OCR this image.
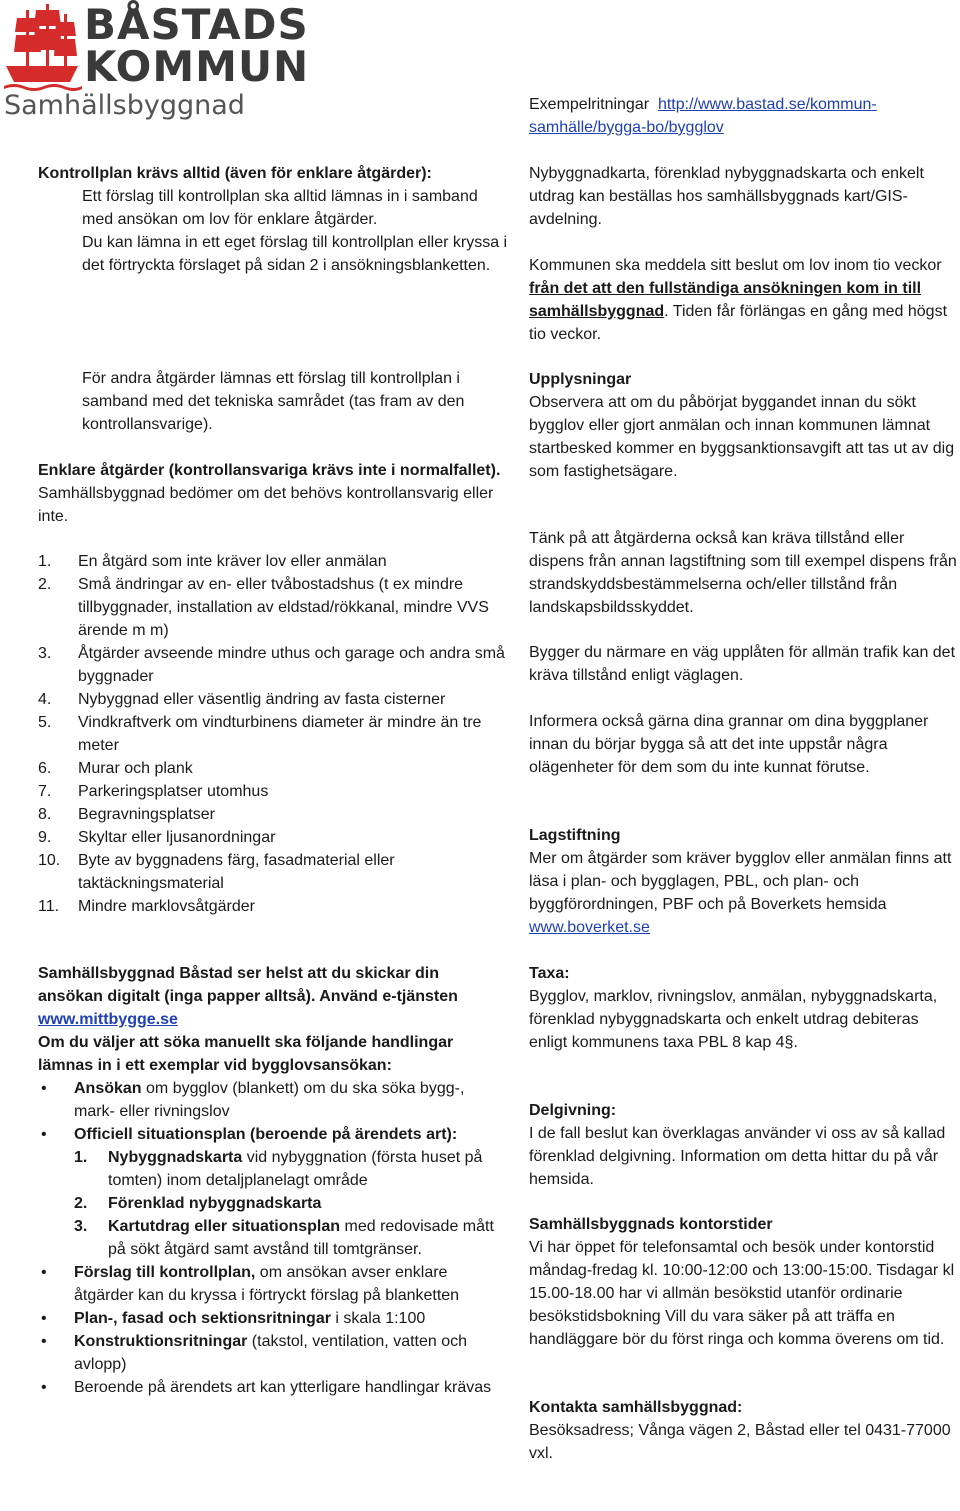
BÅSTADS
KOMMUN
Samhällsbyggnad

Kontrollplan krävs alltid (även för enklare åtgärder):

Ett förslag till kontrollplan ska alltid lämnas in i samband med ansökan om lov för enklare åtgärder.

Du kan lämna in ett eget förslag till kontrollplan eller kryssa i det förtryckta förslaget på sidan 2 i ansökningsblanketten.

För andra åtgärder lämnas ett förslag till kontrollplan i samband med det tekniska samrådet (tas fram av den kontrollansvarige).

Enklare åtgärder (kontrollansvariga krävs inte i normalfallet). Samhällsbyggnad bedömer om det behövs kontrollansvarig eller inte.

1. En åtgärd som inte kräver lov eller anmälan
2. Små ändringar av en- eller tvåbostadshus (t ex mindre tillbyggnader, installation av eldstad/rökkanal, mindre VVS ärende m m)
3. Åtgärder avseende mindre uthus och garage och andra små byggnader
4. Nybyggnad eller väsentlig ändring av fasta cisterner
5. Vindkraftverk om vindturbinens diameter är mindre än tre meter
6. Murar och plank
7. Parkeringsplatser utomhus
8. Begravningsplatser
9. Skyltar eller ljusanordningar
10. Byte av byggnadens färg, fasadmaterial eller taktäckningsmaterial
11. Mindre marklovsåtgärder

Samhällsbyggnad Båstad ser helst att du skickar din ansökan digitalt (inga papper alltså). Använd e-tjänsten www.mittbygge.se

Om du väljer att söka manuellt ska följande handlingar lämnas in i ett exemplar vid bygglovsansökan:

• Ansökan om bygglov (blankett) om du ska söka bygg-, mark- eller rivningslov
• Officiell situationsplan (beroende på ärendets art):
1. Nybyggnadskarta vid nybyggnation (första huset på tomten) inom detaljplanelagt område
2. Förenklad nybyggnadskarta
3. Kartutdrag eller situationsplan med redovisade mått på sökt åtgärd samt avstånd till tomtgränser.
• Förslag till kontrollplan, om ansökan avser enklare åtgärder kan du kryssa i förtryckt förslag på blanketten
• Plan-, fasad och sektionsritningar i skala 1:100
• Konstruktionsritningar (takstol, ventilation, vatten och avlopp)
• Beroende på ärendets art kan ytterligare handlingar krävas

Exempelritningar http://www.bastad.se/kommun-samhälle/bygga-bo/bygglov

Nybyggnadkarta, förenklad nybyggnadskarta och enkelt utdrag kan beställas hos samhällsbyggnads kart/GIS-avdelning.

Kommunen ska meddela sitt beslut om lov inom tio veckor från det att den fullständiga ansökningen kom in till samhällsbyggnad. Tiden får förlängas en gång med högst tio veckor.

Upplysningar

Observera att om du påbörjat byggandet innan du sökt bygglov eller gjort anmälan och innan kommunen lämnat startbesked kommer en byggsanktionsavgift att tas ut av dig som fastighetsägare.

Tänk på att åtgärderna också kan kräva tillstånd eller dispens från annan lagstiftning som till exempel dispens från strandskyddsbestämmelserna och/eller tillstånd från landskapsbildsskyddet.

Bygger du närmare en väg upplåten för allmän trafik kan det kräva tillstånd enligt väglagen.

Informera också gärna dina grannar om dina byggplaner innan du börjar bygga så att det inte uppstår några olägenheter för dem som du inte kunnat förutse.

Lagstiftning

Mer om åtgärder som kräver bygglov eller anmälan finns att läsa i plan- och bygglagen, PBL, och plan- och byggförordningen, PBF och på Boverkets hemsida www.boverket.se

Taxa:

Bygglov, marklov, rivningslov, anmälan, nybyggnadskarta, förenklad nybyggnadskarta och enkelt utdrag debiteras enligt kommunens taxa PBL 8 kap 4§.

Delgivning:

I de fall beslut kan överklagas använder vi oss av så kallad förenklad delgivning. Information om detta hittar du på vår hemsida.

Samhällsbyggnads kontorstider

Vi har öppet för telefonsamtal och besök under kontorstid måndag-fredag kl. 10:00-12:00 och 13:00-15:00. Tisdagar kl 15.00-18.00 har vi allmän besökstid utanför ordinarie besökstidsbokning Vill du vara säker på att träffa en handläggare bör du först ringa och komma överens om tid.

Kontakta samhällsbyggnad:

Besöksadress; Vånga vägen 2, Båstad eller tel 0431-77000 vxl.
